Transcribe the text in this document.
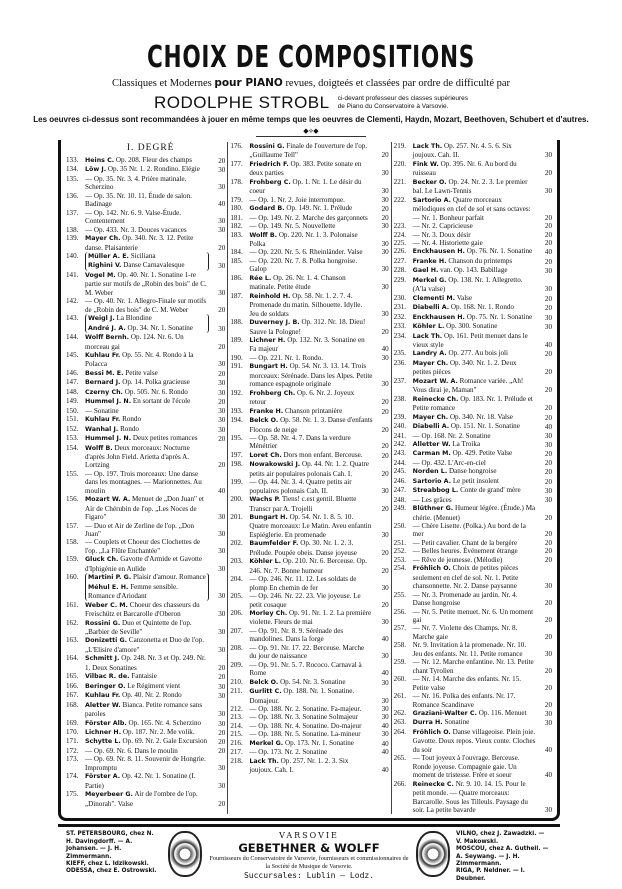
CHOIX DE COMPOSITIONS
Classiques et Modernes pour PIANO revues, doigteés et classées par ordre de difficulté par
RODOLPHE STROBL ci-devant professeur des classes supérieures
de Piano du Conservatoire à Varsovie.
Les oeuvres ci-dessus sont recommandées à jouer en même temps que les oeuvres de Clementi, Haydn, Mozart, Beethoven, Schubert et d'autres.
◆⟡◆
I. DEGRÉ
133.	Heins C. Op. 208. Fleur des champs	20
134.	Löw J. Op. 35 Nr. 1. 2. Rondino. Elégie	30
135. — Op. 35. Nr. 3. 4. Prière matinale. Scherzino	30
136. — Op. 35. Nr. 10. 11. Étude de salon. Badinage	40
137. — Op. 142. Nr. 6. 9. Valse-Étude. Contentement	30
138. — Op. 433. Nr. 3. Douces vacances	30
139.	Mayer Ch. Op. 340. Nr. 3. 12. Petite danse. Plaisanterie	20
140.	Müller A. E. Siciliana
Righini V. Danse Carnavalesque	30
141.	Vogel M. Op. 40. Nr. 1. Sonatine 1-re partie sur motifs de „Robin des bois" de C. M. Weber	30
142. — Op. 40. Nr. 1. Allegro-Finale sur motifs de „Robin des bois" de C. M. Weber	20
143.	Weigl J. La Blondine
André J. A. Op. 34. Nr. 1. Sonatine	30
144.	Wolff Bernh. Op. 124. Nr. 6. Un morceau gai	20
145.	Kuhlau Fr. Op. 55. Nr. 4. Rondo à la Polacca	30
146.	Bessi M. E. Petite valse	20
147.	Bernard J. Op. 14. Polka gracieuse	30
148.	Czerny Ch. Op. 505. Nr. 6. Rondo	30
149.	Hummel J. N. En sortant de l'école	20
150. — Sonatine	30
151.	Kuhlau Fr. Rondo	30
152.	Wanhal J. Rondo	30
153.	Hummel J. N. Deux petites romances	20
154.	Wolff B. Deux morceaux: Nocturne d'après John Field. Arietta d'après A. Lortzing	20
155. — Op. 197. Trois morceaux: Une danse dans les montagnes. — Marionnettes. Au moulin	40
156.	Mozart W. A. Menuet de „Don Juan" et Air de Chérubin de l'op. „Les Noces de Figaro"	30
157. — Duo et Air de Zerline de l'op. „Don Juan"	30
158. — Couplets et Choeur des Clochettes de l'op. „La Flûte Enchantée"	30
159.	Gluck Ch. Gavotte d'Armide et Gavotte d'Iphigénie en Aulide	30
160.	Martini P. G. Plaisir d'amour. Romance
Méhul E. H. Femme sensible. Romance d'Ariodant	30
161.	Weber C. M. Choeur des chasseurs du Freischütz et Barcarolle d'Oberon	30
162.	Rossini G. Duo et Quintette de l'op. „Barbier de Seville"	30
163.	Donizetti G. Canzonetta et Duo de l'op. „L'Elisire d'amore"	30
164.	Schmitt J. Op. 248. Nr. 3 et Op. 249. Nr. 1. Deux Sonatines	20
165.	Vilbac R. de. Fantaisie	20
166.	Beringer O. Le Régiment vient	30
167.	Kuhlau Fr. Op. 40. Nr. 2. Rondo	30
168.	Aletter W. Bianca. Petite romance sans paroles	30
169.	Förster Alb. Op. 165. Nr. 4. Scherzino	30
170.	Lichner H. Op. 187. Nr. 2. Me volik.	20
171.	Schytte L. Op. 69. Nr. 2. Gale Excursion	20
172. — Op. 69. Nr. 6. Dans le moulin	20
173. — Op. 69. Nr. 8. 11. Souvenir de Hongrie. Impromptu	30
174.	Förster A. Op. 42. Nr. 1. Sonatine (I. Partie)	30
175.	Meyerbeer G. Air de l'ombre de l'op. „Dinorah". Valse	20
176.	Rossini G. Finale de l'ouverture de l'op. „Guillaume Tell"	20
177.	Friedrich F. Op. 383. Petite sonate en deux parties	30
178.	Frohberg C. Op. 1. Nr. 1. Le désir du coeur	30
179. — Op. 1. Nr. 2. Joie interrompue.	30
180.	Godard B. Op. 149. Nr. 1. Prélude	20
181. — Op. 149. Nr. 2. Marche des garçonnets	20
182. — Op. 149. Nr. 5. Nouvellette	30
183.	Wolff B. Op. 220. Nr. 1. 3. Polonaise Polka	30
184. — Op. 220. Nr. 5. 6. Rheinländer. Valse	30
185. — Op. 220. Nr. 7. 8. Polka hongroise. Galop	30
186.	Rée L. Op. 26. Nr. 1. 4. Chanson matinale. Petite étude	30
187.	Reinhold H. Op. 58. Nr. 1. 2. 7. 4. Promenade du matin. Silhouette. Idylle. Jeu de soldats	30
188.	Duverney J. B. Op. 312. Nr. 18. Dieu! Sauve la Pologne!	20
189.	Lichner H. Op. 132. Nr. 3. Sonatine en Fa majeur	40
190. — Op. 221. Nr. 1. Rondo.	30
191.	Bungart H. Op. 54. Nr. 3. 13. 14. Trois morceaux: Sérénade. Dans les Alpes. Petite romance espagnole originale	30
192.	Frohberg Ch. Op. 6. Nr. 2. Joyeux retour	20
193.	Franke H. Chanson printanière	20
194.	Belck O. Op. 58. Nr. 1. 3. Danse d'enfants Flocons de neige	20
195. — Op. 58. Nr. 4. 7. Dans la verdure Ménétrier	20
197.	Loret Ch. Dors mon enfant. Berceuse.	20
198.	Nowakowski J. Op. 44. Nr. 1. 2. Quatre petits air populaires polonais Cah. I.	20
199. — Op. 44. Nr. 3. 4. Quatre petits air populaires polonais Cah. II.	30
200.	Wachs P. Tiens! c.est gentil. Bluette Transcr par A. Trojelli	20
201.	Bungart H. Op. 54. Nr. 1. 8. 5. 10. Quatre morceaux: Le Matin. Aveu enfantin Espiéglerie. En promenade	30
202.	Baumfelder F. Op. 30. Nr. 1. 2. 3. Prélude. Poupée obeis. Danse joyeuse	20
203.	Köhler L. Op. 210. Nr. 6. Berceuse. Op. 246. Nr. 7. Bonne humeur	20
204. — Op. 246. Nr. 11. 12. Les soldats de plomp En chemin de fer	30
205. — Op. 246. Nr. 22. 23. Vie joyeuse. Le petit cosaque	20
206.	Morley Ch. Op. 91. Nr. 1. 2. La première violette. Fleurs de mai	30
207. — Op. 91. Nr. 8. 9. Sérénade des mandolines. Dans la forge	40
208. — Op. 91. Nr. 17. 22. Berceuse. Marche du jour de naissance	30
209. — Op. 91. Nr. 5. 7. Rococo. Carnaval à Rome	40
210.	Belck O. Op. 54. Nr. 3. Sonatine	30
211.	Gurlitt C. Op. 188. Nr. 1. Sonatine. Domajeur.	30
212. — Op. 188. Nr. 2. Sonatine. Fa-majeur.	30
213. — Op. 188. Nr. 3. Sonatine Solmajeur	30
214. — Op. 188. Nr. 4. Sonatine. Do-majeur	40
215. — Op. 188. Nr. 5. Sonatine. La-mineur	30
216.	Merkel G. Op. 173. Nr. 1. Sonatine	40
217. — Op. 173. Nr. 2. Sonatine	40
218.	Lack Th. Op. 257. Nr. 1. 2. 3. Six joujoux. Cah. I.	40
219.	Lack Th. Op. 257. Nr. 4. 5. 6. Six joujoux. Cah. II.	30
220.	Fink W. Op. 395. Nr. 6. Au bord du ruisseau	20
221.	Becker O. Op. 24. Nr. 2. 3. Le premier bal. Le Lawn-Tennis	30
222.	Sartorio A. Quatre morceaux mélodiques en clef de sol et sans octaves: — Nr. 1. Bonheur parfait	20
223. — Nr. 2. Capricieuse	20
224. — Nr. 3. Doux désir	20
225. — Nr. 4. Historiette gaie	20
226.	Enckhausen H. Op. 76. Nr. 1. Sonatine	40
227.	Franke H. Chanson du printemps	20
228.	Gael H. van. Op. 143. Babillage	30
229.	Merkel G. Op. 138. Nr. 1. Allegretto. (A'la valse)	30
230.	Clementi M. Valse	20
231.	Diabelli A. Op. 168. Nr. 1. Rondo	20
232.	Enckhausen H. Op. 75. Nr. 1. Sonatine	30
233.	Köhler L. Op. 300. Sonatine	30
234.	Lack Th. Op. 161. Petit menuet dans le vieux style	40
235.	Landry A. Op. 277. Au bois joli	20
236.	Mayer Ch. Op. 340. Nr. 1. 2. Deux petites pièces	20
237.	Mozart W. A. Romance variée. „Ah! Vous dirai je, Maman"	20
238.	Reinecke Ch. Op. 183. Nr. 1. Prélude et Petite romance	20
239.	Mayer Ch. Op. 340. Nr. 18. Valse	20
240.	Diabelli A. Op. 151. Nr. 1. Sonatine	40
241. — Op. 168. Nr. 2. Sonatine	30
242.	Alletter W. La Troika	30
243.	Carman M. Op. 429. Petite Valse	20
244. — Op. 432. L'Arc-en-ciel	20
245.	Norden L. Danse hongroise	20
246.	Sartorio A. Le petit insolent	20
247.	Streabbog L. Conte de grand' mère	30
248. — Les grâces	30
249.	Blüthner G. Humeur légère. (Étude.) Ma chérie. (Menuet)	20
250. — Chère Lisette. (Polka.) Au bord de la mer	20
251. — Petit cavalier. Chant de la bergère	20
252. — Belles heures. Événement étrange	20
253. — Rêve de jeunesse. (Mélodie)	20
254.	Fröhlich O. Choix de petites pièces seulement en clef de sol. Nr. 1. Petite chansonnette. Nr. 2. Danse paysanne	30
255. — Nr. 3. Promenade au jardin. Nr. 4. Danse hongroise	20
256. — Nr. 5. Petite menuet. Nr. 6. Un moment gai	20
257. — Nr. 7. Violette des Champs. Nr. 8. Marche gaie	20
258. Nr. 9. Invitation à la promenade. Nr. 10. Jeu des enfants. Nr. 11. Petite romance	30
259. — Nr. 12. Marche enfantine. Nr. 13. Petite chant Tyrolien	20
260. — Nr. 14. Marche des enfants. Nr. 15. Petite valse	20
261. — Nr. 16. Polka des enfants. Nr. 17. Romance Scandinave	20
262.	Graziani-Walter C. Op. 116. Menuet	30
263.	Durra H. Sonatine	30
264.	Fröhlich O. Danse villageoise. Plein joie. Gavotte. Doux repos. Vieux conte. Cloches du soir	40
265. — Tout joyeux à l'ouvrage. Berceuse. Ronde joyeuse. Compagnie gaie. Un moment de tristesse. Frère et soeur	40
266.	Reinecke C. Nr. 9. 10. 14. 15. Pour le petit monde. — Quatre morceaux: Barcarolle. Sous les Tilleuls. Paysage du soir. La petite bavarde	30
ST. PETERSBOURG, chez N. H. Davingdorff. — A. Johansen. — J. H. Zimmermann.
KIEFF, chez L. Idzikowski.
ODESSA, chez E. Ostrowski.
VARSOVIE
GEBETHNER & WOLFF
Fournisseurs du Conservatoire de Varsovie, fournisseurs et commissionnaires de la Société de Musique de Varsovie.
Succursales: Lublin — Lodz.
VILNO, chez J. Zawadzki. — V. Makowski.
MOSCOU, chez A. Gutheil. — A. Seywang. — J. H. Zimmermann.
RIGA, P. Neldner. — I. Deubner.
